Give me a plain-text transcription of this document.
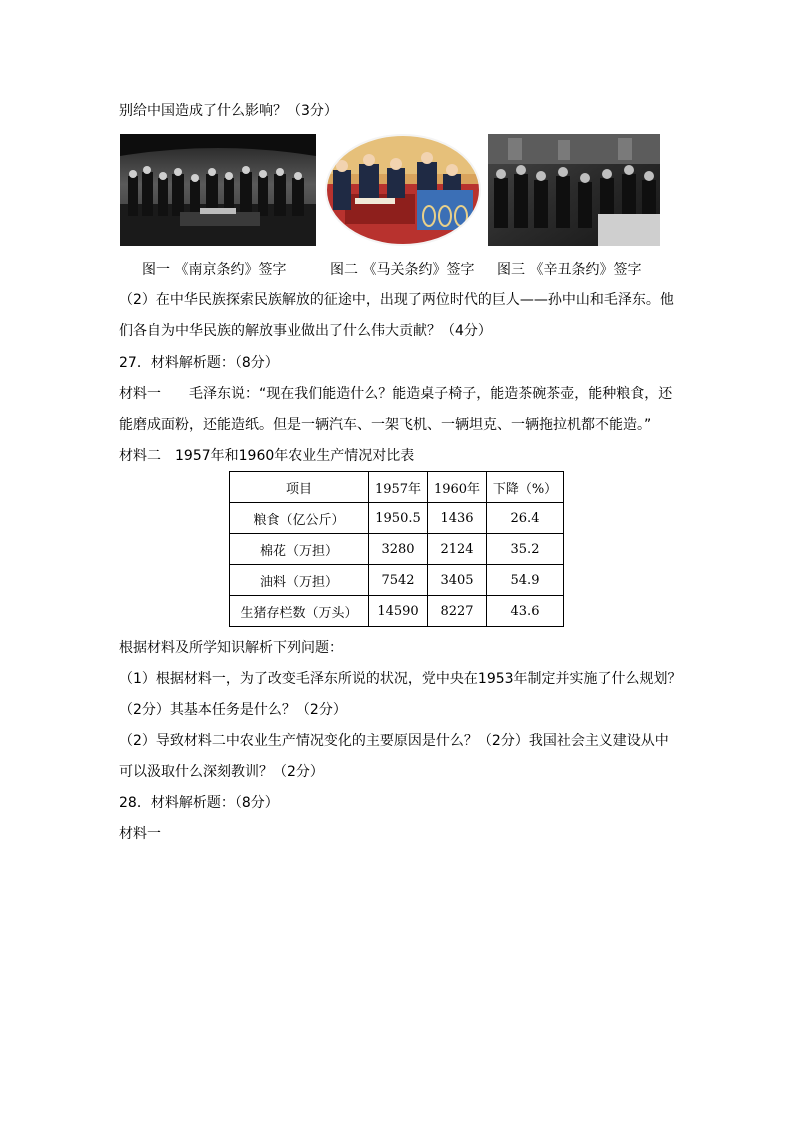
别给中国造成了什么影响？（3分）
图一 《南京条约》签字	图二 《马关条约》签字 图三 《辛丑条约》签字
（2）在中华民族探索民族解放的征途中，出现了两位时代的巨人——孙中山和毛泽东。他
们各自为中华民族的解放事业做出了什么伟大贡献？（4分）
27．材料解析题：（8分）
材料一　　毛泽东说：“现在我们能造什么？能造桌子椅子，能造茶碗茶壶，能种粮食，还
能磨成面粉，还能造纸。但是一辆汽车、一架飞机、一辆坦克、一辆拖拉机都不能造。”
材料二　1957年和1960年农业生产情况对比表
项目	1957年	1960年	下降（%）
粮食（亿公斤）	1950.5	1436	26.4
棉花（万担）	3280	2124	35.2
油料（万担）	7542	3405	54.9
生猪存栏数（万头）	14590	8227	43.6
根据材料及所学知识解析下列问题：
（1）根据材料一，为了改变毛泽东所说的状况，党中央在1953年制定并实施了什么规划？
（2分）其基本任务是什么？（2分）
（2）导致材料二中农业生产情况变化的主要原因是什么？（2分）我国社会主义建设从中
可以汲取什么深刻教训？（2分）
28．材料解析题：（8分）
材料一
